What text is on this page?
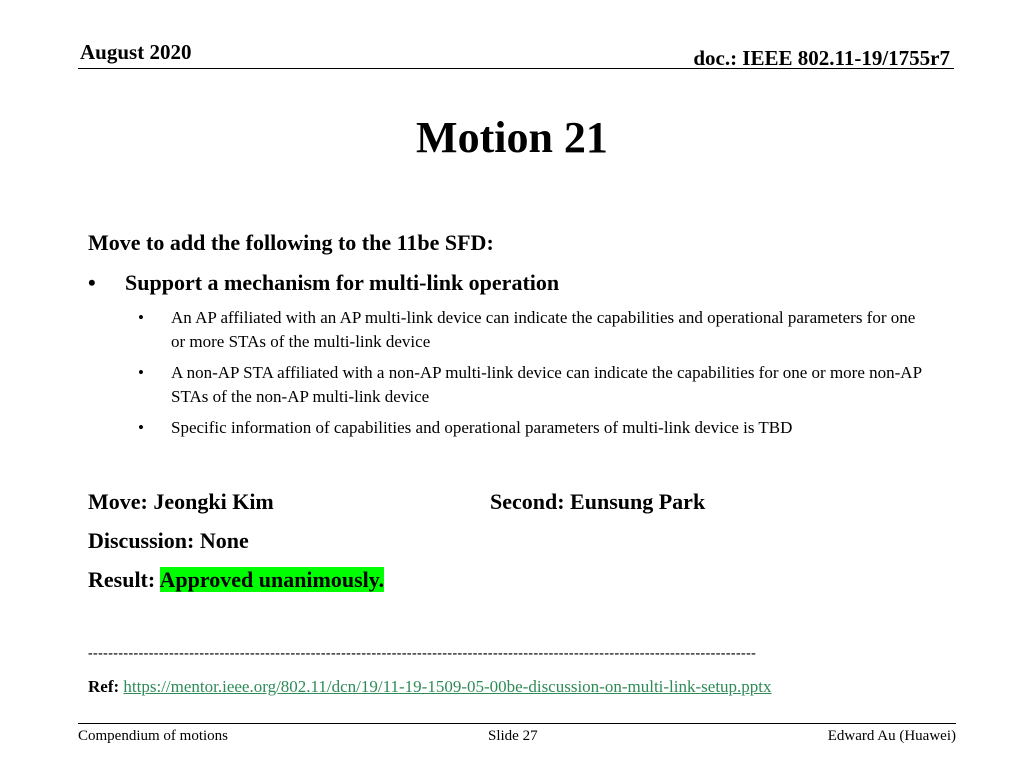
August 2020	doc.: IEEE 802.11-19/1755r7
Motion 21
Move to add the following to the 11be SFD:
• Support a mechanism for multi-link operation
•	An AP affiliated with an AP multi-link device can indicate the capabilities and operational parameters for one or more STAs of the multi-link device
•	A non-AP STA affiliated with a non-AP multi-link device can indicate the capabilities for one or more non-AP STAs of the non-AP multi-link device
•	Specific information of capabilities and operational parameters of multi-link device is TBD
Move: Jeongki Kim	Second: Eunsung Park
Discussion: None
Result: Approved unanimously.
------------------------------------------------------------------------------------------------------------------------------------
Ref: https://mentor.ieee.org/802.11/dcn/19/11-19-1509-05-00be-discussion-on-multi-link-setup.pptx
Compendium of motions	Slide 27	Edward Au (Huawei)
